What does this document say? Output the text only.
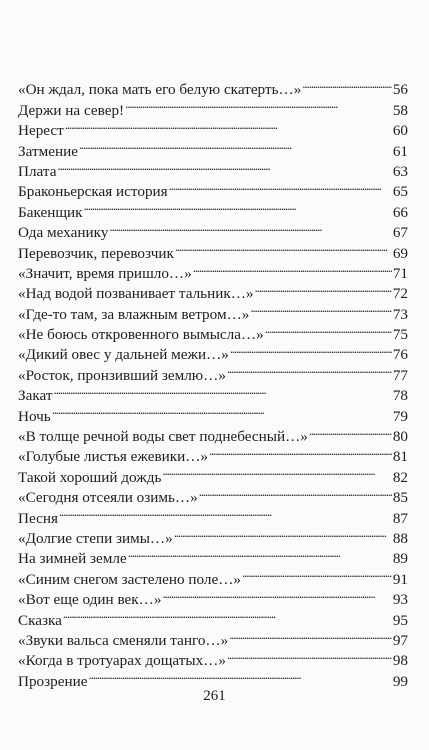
«Он ждал, пока мать его белую скатерть…» . . .	56
Держи на север! . . .	58
Нерест . . .	60
Затмение . . .	61
Плата . . .	63
Браконьерская история . . .	65
Бакенщик . . .	66
Ода механику . . .	67
Перевозчик, перевозчик . . .	69
«Значит, время пришло…» . . .	71
«Над водой позванивает тальник…» . . .	72
«Где-то там, за влажным ветром…» . . .	73
«Не боюсь откровенного вымысла…» . . .	75
«Дикий овес у дальней межи…» . . .	76
«Росток, пронзивший землю…» . . .	77
Закат . . .	78
Ночь . . .	79
«В толще речной воды свет поднебесный…» . . .	80
«Голубые листья ежевики…» . . .	81
Такой хороший дождь . . .	82
«Сегодня отсеяли озимь…» . . .	85
Песня . . .	87
«Долгие степи зимы…» . . .	88
На зимней земле . . .	89
«Синим снегом застелено поле…» . . .	91
«Вот еще один век…» . . .	93
Сказка . . .	95
«Звуки вальса сменяли танго…» . . .	97
«Когда в тротуарах дощатых…» . . .	98
Прозрение . . .	99
261
